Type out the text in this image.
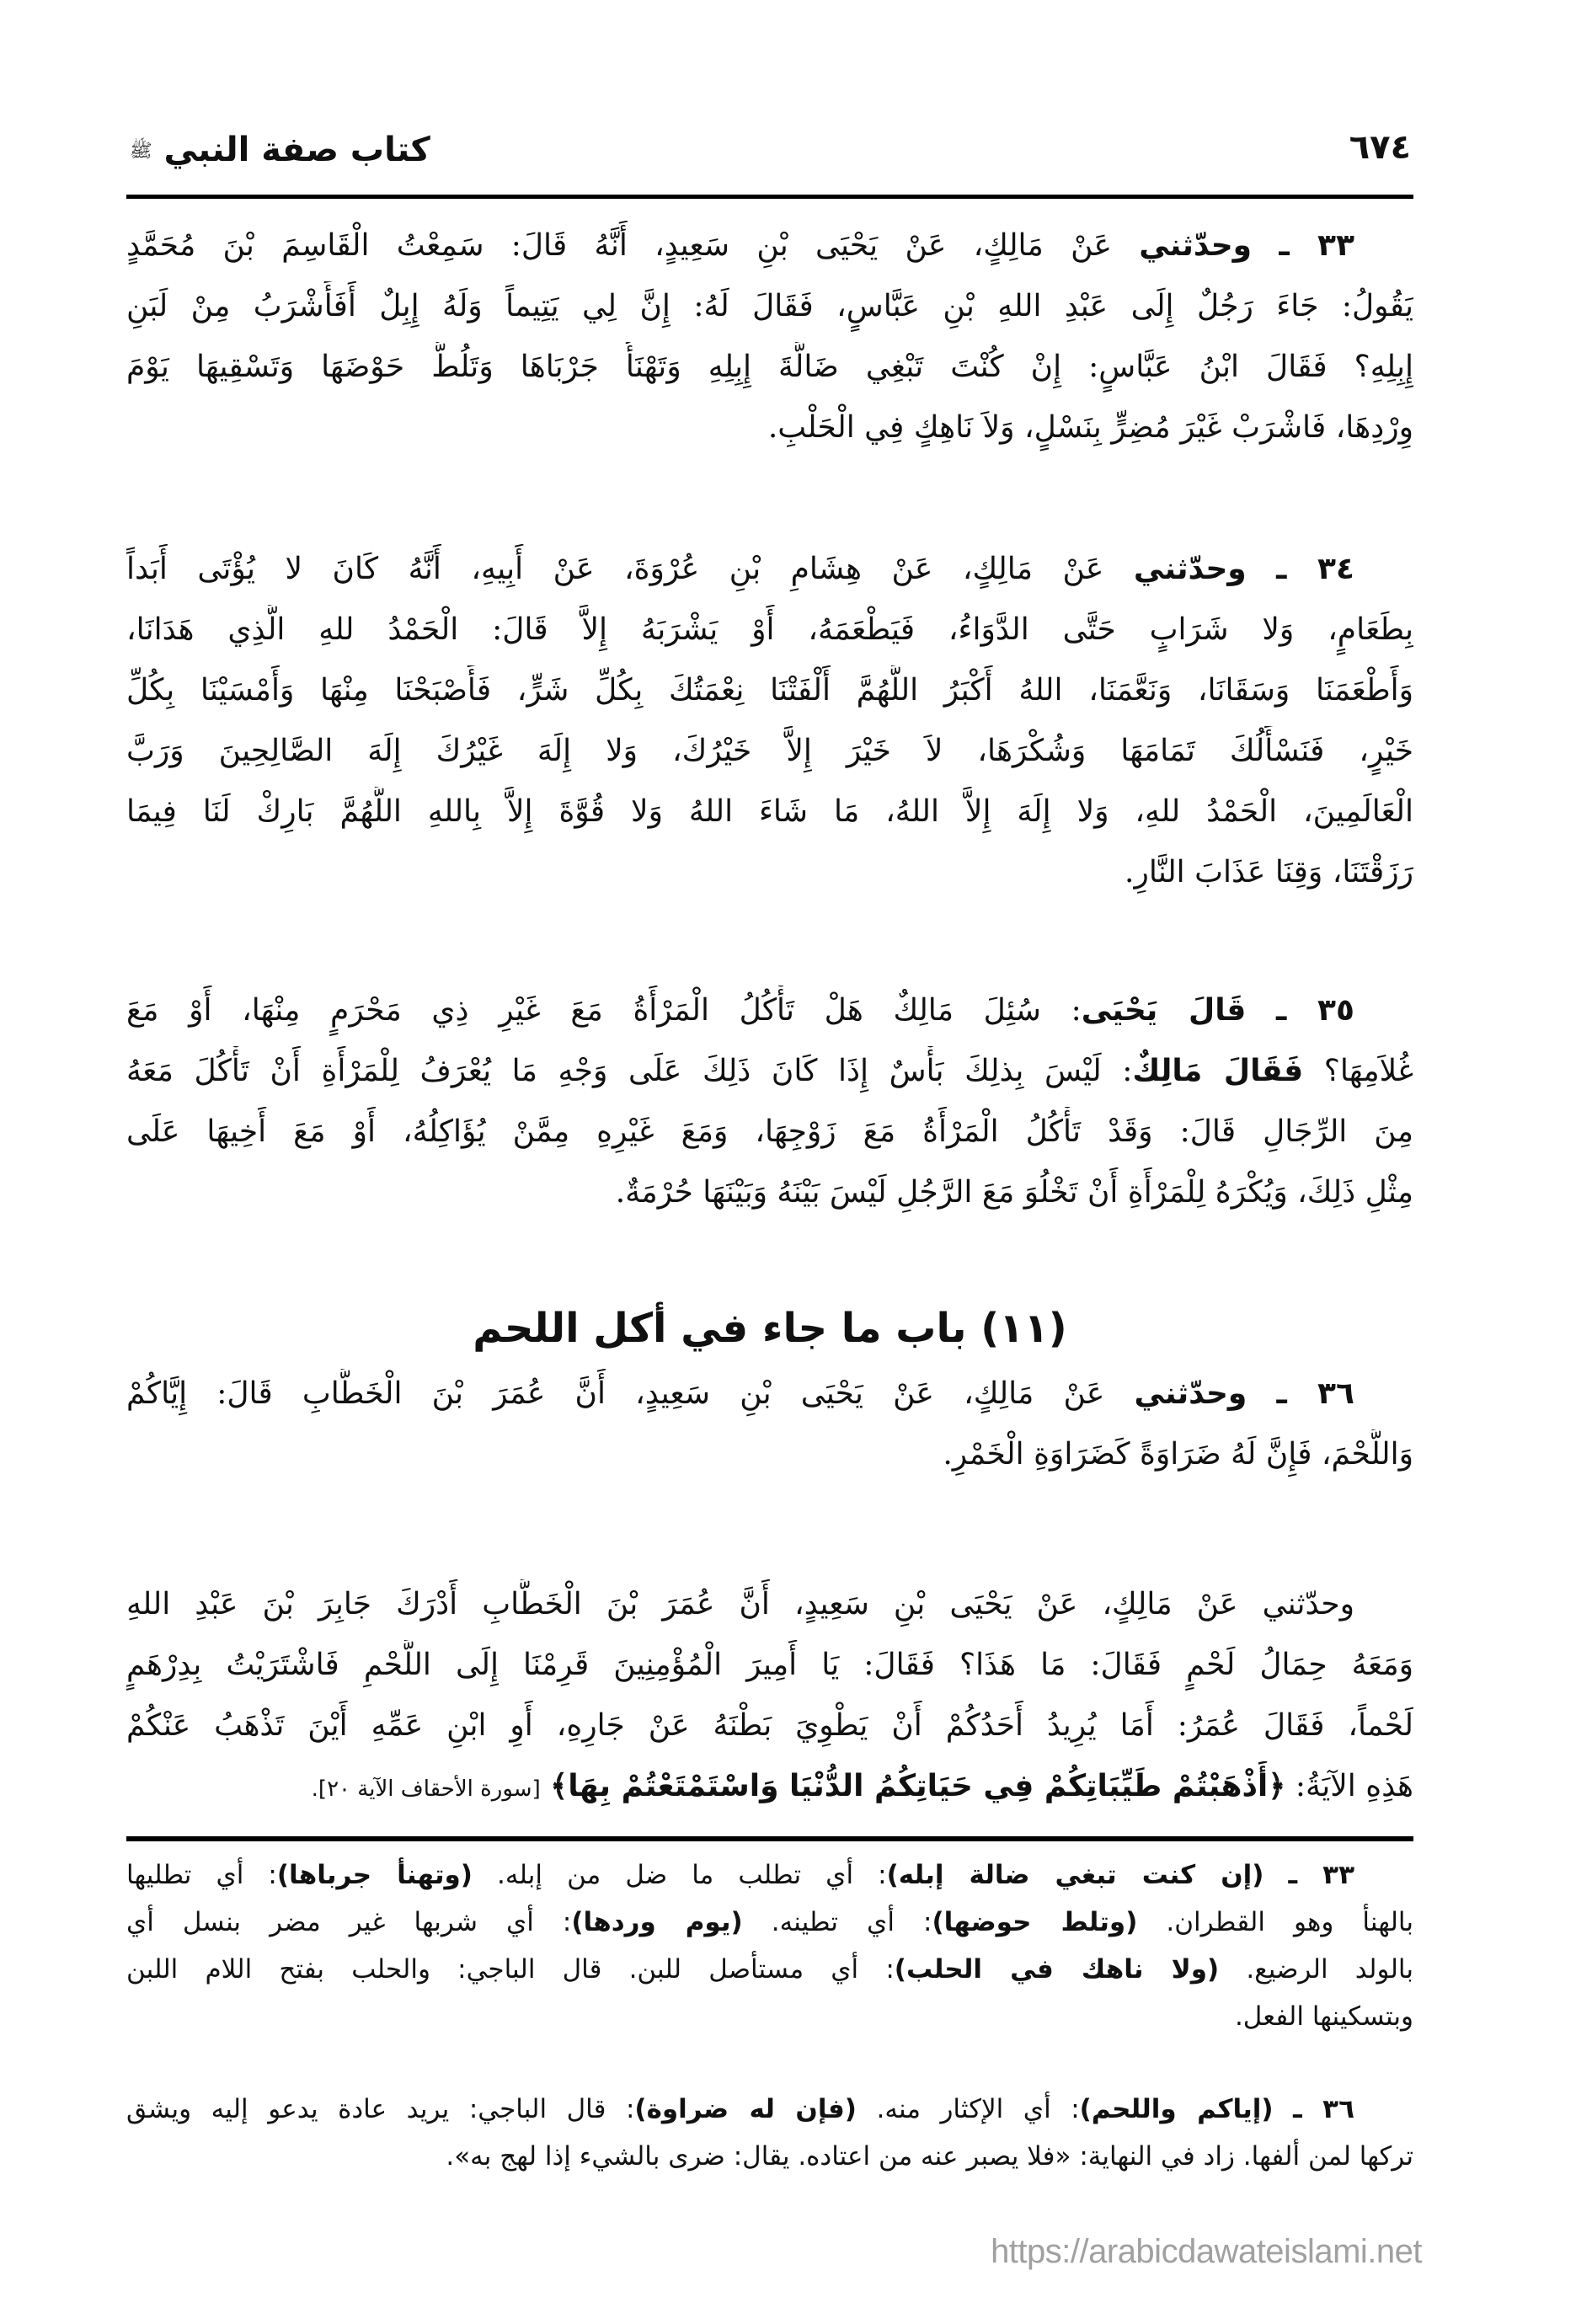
٦٧٤
كتاب صفة النبي ﷺ
٣٣ ـ وحدّثني عَنْ مَالِكٍ، عَنْ يَحْيَى بْنِ سَعِيدٍ، أَنَّهُ قَالَ: سَمِعْتُ الْقَاسِمَ بْنَ مُحَمَّدٍ
يَقُولُ: جَاءَ رَجُلٌ إِلَى عَبْدِ اللهِ بْنِ عَبَّاسٍ، فَقَالَ لَهُ: إِنَّ لِي يَتِيماً وَلَهُ إِبِلٌ أَفَأَشْرَبُ مِنْ لَبَنِ
إِبِلِهِ؟ فَقَالَ ابْنُ عَبَّاسٍ: إِنْ كُنْتَ تَبْغِي ضَالَّةَ إِبِلِهِ وَتَهْنَأُ جَرْبَاهَا وَتَلُطُّ حَوْضَهَا وَتَسْقِيهَا يَوْمَ
وِرْدِهَا، فَاشْرَبْ غَيْرَ مُضِرٍّ بِنَسْلٍ، وَلاَ نَاهِكٍ فِي الْحَلْبِ.
٣٤ ـ وحدّثني عَنْ مَالِكٍ، عَنْ هِشَامِ بْنِ عُرْوَةَ، عَنْ أَبِيهِ، أَنَّهُ كَانَ لا يُؤْتَى أَبَداً
بِطَعَامٍ، وَلا شَرَابٍ حَتَّى الدَّوَاءُ، فَيَطْعَمَهُ، أَوْ يَشْرَبَهُ إِلاَّ قَالَ: الْحَمْدُ للهِ الَّذِي هَدَانَا،
وَأَطْعَمَنَا وَسَقَانَا، وَنَعَّمَنَا، اللهُ أَكْبَرُ اللَّهُمَّ أَلْفَتْنَا نِعْمَتُكَ بِكُلِّ شَرٍّ، فَأَصْبَحْنَا مِنْهَا وَأَمْسَيْنَا بِكُلِّ
خَيْرٍ، فَنَسْأَلُكَ تَمَامَهَا وَشُكْرَهَا، لاَ خَيْرَ إِلاَّ خَيْرُكَ، وَلا إِلَهَ غَيْرُكَ إِلَهَ الصَّالِحِينَ وَرَبَّ
الْعَالَمِينَ، الْحَمْدُ للهِ، وَلا إِلَهَ إِلاَّ اللهُ، مَا شَاءَ اللهُ وَلا قُوَّةَ إِلاَّ بِاللهِ اللَّهُمَّ بَارِكْ لَنَا فِيمَا
رَزَقْتَنَا، وَقِنَا عَذَابَ النَّارِ.
٣٥ ـ قَالَ يَحْيَى: سُئِلَ مَالِكٌ هَلْ تَأْكُلُ الْمَرْأَةُ مَعَ غَيْرِ ذِي مَحْرَمٍ مِنْهَا، أَوْ مَعَ
غُلاَمِهَا؟ فَقَالَ مَالِكٌ: لَيْسَ بِذلِكَ بَأْسٌ إِذَا كَانَ ذَلِكَ عَلَى وَجْهِ مَا يُعْرَفُ لِلْمَرْأَةِ أَنْ تَأْكُلَ مَعَهُ
مِنَ الرِّجَالِ قَالَ: وَقَدْ تَأْكُلُ الْمَرْأَةُ مَعَ زَوْجِهَا، وَمَعَ غَيْرِهِ مِمَّنْ يُؤَاكِلُهُ، أَوْ مَعَ أَخِيهَا عَلَى
مِثْلِ ذَلِكَ، وَيُكْرَهُ لِلْمَرْأَةِ أَنْ تَخْلُوَ مَعَ الرَّجُلِ لَيْسَ بَيْنَهُ وَبَيْنَهَا حُرْمَةٌ.
(١١) باب ما جاء في أكل اللحم
٣٦ ـ وحدّثني عَنْ مَالِكٍ، عَنْ يَحْيَى بْنِ سَعِيدٍ، أَنَّ عُمَرَ بْنَ الْخَطَّابِ قَالَ: إِيَّاكُمْ
وَاللَّحْمَ، فَإِنَّ لَهُ ضَرَاوَةً كَضَرَاوَةِ الْخَمْرِ.
وحدّثني عَنْ مَالِكٍ، عَنْ يَحْيَى بْنِ سَعِيدٍ، أَنَّ عُمَرَ بْنَ الْخَطَّابِ أَدْرَكَ جَابِرَ بْنَ عَبْدِ اللهِ
وَمَعَهُ حِمَالُ لَحْمٍ فَقَالَ: مَا هَذَا؟ فَقَالَ: يَا أَمِيرَ الْمُؤْمِنِينَ قَرِمْنَا إِلَى اللَّحْمِ فَاشْتَرَيْتُ بِدِرْهَمٍ
لَحْماً، فَقَالَ عُمَرُ: أَمَا يُرِيدُ أَحَدُكُمْ أَنْ يَطْوِيَ بَطْنَهُ عَنْ جَارِهِ، أَوِ ابْنِ عَمِّهِ أَيْنَ تَذْهَبُ عَنْكُمْ
هَذِهِ الآيَةُ: ﴿أَذْهَبْتُمْ طَيِّبَاتِكُمْ فِي حَيَاتِكُمُ الدُّنْيَا وَاسْتَمْتَعْتُمْ بِهَا﴾ [سورة الأحقاف الآية ٢٠].
٣٣ ـ (إن كنت تبغي ضالة إبله): أي تطلب ما ضل من إبله. (وتهنأ جرباها): أي تطليها
بالهنأ وهو القطران. (وتلط حوضها): أي تطينه. (يوم وردها): أي شربها غير مضر بنسل أي
بالولد الرضيع. (ولا ناهك في الحلب): أي مستأصل للبن. قال الباجي: والحلب بفتح اللام اللبن
وبتسكينها الفعل.
٣٦ ـ (إياكم واللحم): أي الإكثار منه. (فإن له ضراوة): قال الباجي: يريد عادة يدعو إليه ويشق
تركها لمن ألفها. زاد في النهاية: «فلا يصبر عنه من اعتاده. يقال: ضرى بالشيء إذا لهج به».
https://arabicdawateislami.net
